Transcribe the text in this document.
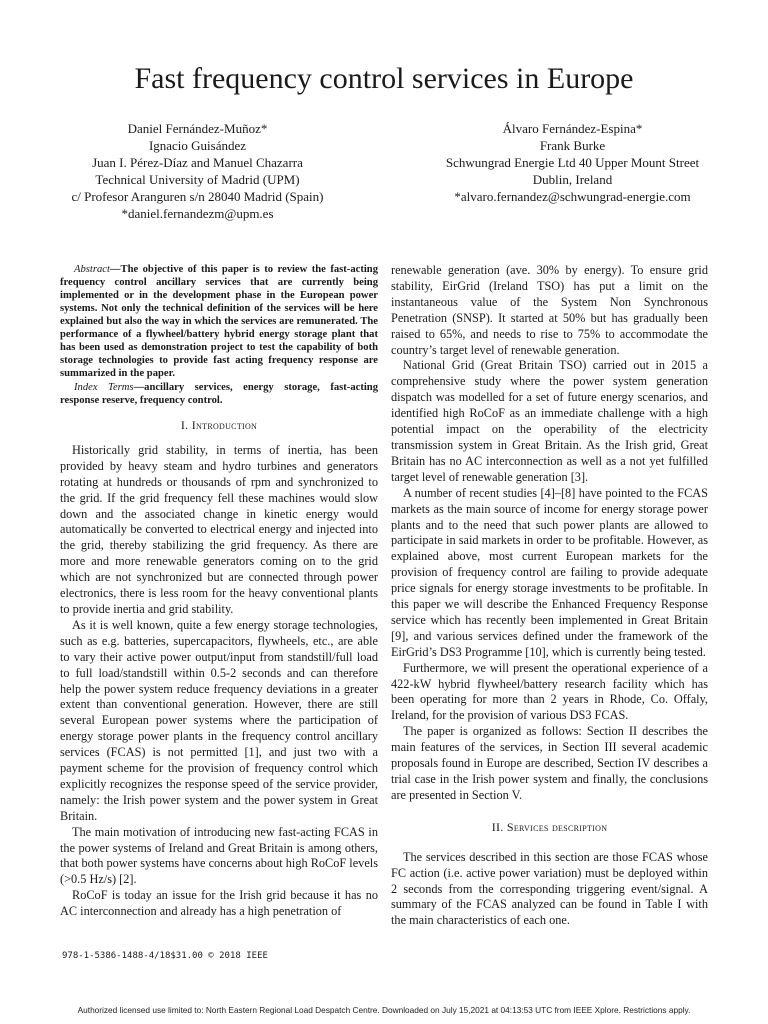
Fast frequency control services in Europe
Daniel Fernández-Muñoz*
Ignacio Guisández
Juan I. Pérez-Díaz and Manuel Chazarra
Technical University of Madrid (UPM)
c/ Profesor Aranguren s/n 28040 Madrid (Spain)
*daniel.fernandezm@upm.es
Álvaro Fernández-Espina*
Frank Burke
Schwungrad Energie Ltd 40 Upper Mount Street
Dublin, Ireland
*alvaro.fernandez@schwungrad-energie.com

Abstract—The objective of this paper is to review the fast-acting frequency control ancillary services that are currently being implemented or in the development phase in the European power systems. Not only the technical definition of the services will be here explained but also the way in which the services are remunerated. The performance of a flywheel/battery hybrid energy storage plant that has been used as demonstration project to test the capability of both storage technologies to provide fast acting frequency response are summarized in the paper.

Index Terms—ancillary services, energy storage, fast-acting response reserve, frequency control.

I. Introduction

Historically grid stability, in terms of inertia, has been provided by heavy steam and hydro turbines and generators rotating at hundreds or thousands of rpm and synchronized to the grid. If the grid frequency fell these machines would slow down and the associated change in kinetic energy would automatically be converted to electrical energy and injected into the grid, thereby stabilizing the grid frequency. As there are more and more renewable generators coming on to the grid which are not synchronized but are connected through power electronics, there is less room for the heavy conventional plants to provide inertia and grid stability.

As it is well known, quite a few energy storage technologies, such as e.g. batteries, supercapacitors, flywheels, etc., are able to vary their active power output/input from standstill/full load to full load/standstill within 0.5-2 seconds and can therefore help the power system reduce frequency deviations in a greater extent than conventional generation. However, there are still several European power systems where the participation of energy storage power plants in the frequency control ancillary services (FCAS) is not permitted [1], and just two with a payment scheme for the provision of frequency control which explicitly recognizes the response speed of the service provider, namely: the Irish power system and the power system in Great Britain.

The main motivation of introducing new fast-acting FCAS in the power systems of Ireland and Great Britain is among others, that both power systems have concerns about high RoCoF levels (>0.5 Hz/s) [2].

RoCoF is today an issue for the Irish grid because it has no AC interconnection and already has a high penetration of

renewable generation (ave. 30% by energy). To ensure grid stability, EirGrid (Ireland TSO) has put a limit on the instantaneous value of the System Non Synchronous Penetration (SNSP). It started at 50% but has gradually been raised to 65%, and needs to rise to 75% to accommodate the country’s target level of renewable generation.

National Grid (Great Britain TSO) carried out in 2015 a comprehensive study where the power system generation dispatch was modelled for a set of future energy scenarios, and identified high RoCoF as an immediate challenge with a high potential impact on the operability of the electricity transmission system in Great Britain. As the Irish grid, Great Britain has no AC interconnection as well as a not yet fulfilled target level of renewable generation [3].

A number of recent studies [4]–[8] have pointed to the FCAS markets as the main source of income for energy storage power plants and to the need that such power plants are allowed to participate in said markets in order to be profitable. However, as explained above, most current European markets for the provision of frequency control are failing to provide adequate price signals for energy storage investments to be profitable. In this paper we will describe the Enhanced Frequency Response service which has recently been implemented in Great Britain [9], and various services defined under the framework of the EirGrid’s DS3 Programme [10], which is currently being tested.

Furthermore, we will present the operational experience of a 422-kW hybrid flywheel/battery research facility which has been operating for more than 2 years in Rhode, Co. Offaly, Ireland, for the provision of various DS3 FCAS.

The paper is organized as follows: Section II describes the main features of the services, in Section III several academic proposals found in Europe are described, Section IV describes a trial case in the Irish power system and finally, the conclusions are presented in Section V.

II. Services description

The services described in this section are those FCAS whose FC action (i.e. active power variation) must be deployed within 2 seconds from the corresponding triggering event/signal. A summary of the FCAS analyzed can be found in Table I with the main characteristics of each one.

978-1-5386-1488-4/18$31.00 © 2018 IEEE
Authorized licensed use limited to: North Eastern Regional Load Despatch Centre. Downloaded on July 15,2021 at 04:13:53 UTC from IEEE Xplore. Restrictions apply.
